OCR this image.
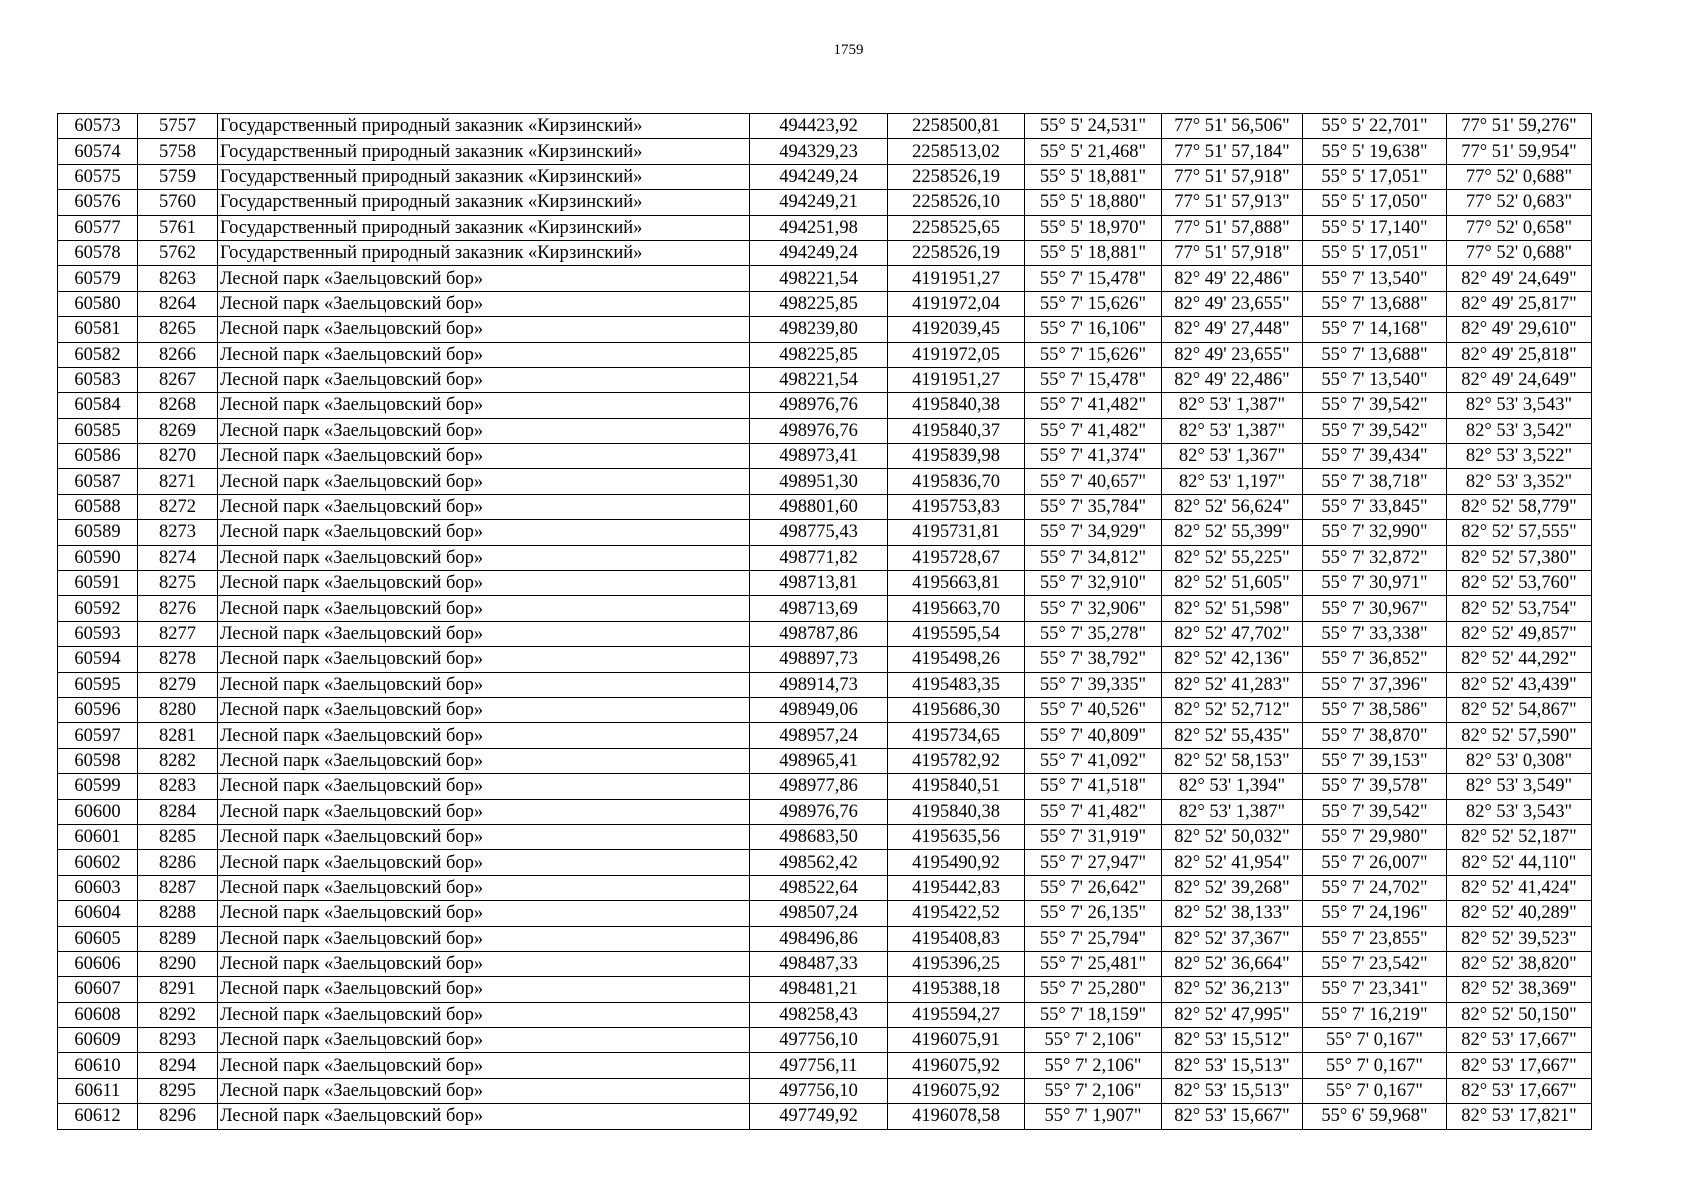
1759
60573	5757	Государственный природный заказник «Кирзинский»	494423,92	2258500,81	55° 5' 24,531"	77° 51' 56,506"	55° 5' 22,701"	77° 51' 59,276"
60574	5758	Государственный природный заказник «Кирзинский»	494329,23	2258513,02	55° 5' 21,468"	77° 51' 57,184"	55° 5' 19,638"	77° 51' 59,954"
60575	5759	Государственный природный заказник «Кирзинский»	494249,24	2258526,19	55° 5' 18,881"	77° 51' 57,918"	55° 5' 17,051"	77° 52' 0,688"
60576	5760	Государственный природный заказник «Кирзинский»	494249,21	2258526,10	55° 5' 18,880"	77° 51' 57,913"	55° 5' 17,050"	77° 52' 0,683"
60577	5761	Государственный природный заказник «Кирзинский»	494251,98	2258525,65	55° 5' 18,970"	77° 51' 57,888"	55° 5' 17,140"	77° 52' 0,658"
60578	5762	Государственный природный заказник «Кирзинский»	494249,24	2258526,19	55° 5' 18,881"	77° 51' 57,918"	55° 5' 17,051"	77° 52' 0,688"
60579	8263	Лесной парк «Заельцовский бор»	498221,54	4191951,27	55° 7' 15,478"	82° 49' 22,486"	55° 7' 13,540"	82° 49' 24,649"
60580	8264	Лесной парк «Заельцовский бор»	498225,85	4191972,04	55° 7' 15,626"	82° 49' 23,655"	55° 7' 13,688"	82° 49' 25,817"
60581	8265	Лесной парк «Заельцовский бор»	498239,80	4192039,45	55° 7' 16,106"	82° 49' 27,448"	55° 7' 14,168"	82° 49' 29,610"
60582	8266	Лесной парк «Заельцовский бор»	498225,85	4191972,05	55° 7' 15,626"	82° 49' 23,655"	55° 7' 13,688"	82° 49' 25,818"
60583	8267	Лесной парк «Заельцовский бор»	498221,54	4191951,27	55° 7' 15,478"	82° 49' 22,486"	55° 7' 13,540"	82° 49' 24,649"
60584	8268	Лесной парк «Заельцовский бор»	498976,76	4195840,38	55° 7' 41,482"	82° 53' 1,387"	55° 7' 39,542"	82° 53' 3,543"
60585	8269	Лесной парк «Заельцовский бор»	498976,76	4195840,37	55° 7' 41,482"	82° 53' 1,387"	55° 7' 39,542"	82° 53' 3,542"
60586	8270	Лесной парк «Заельцовский бор»	498973,41	4195839,98	55° 7' 41,374"	82° 53' 1,367"	55° 7' 39,434"	82° 53' 3,522"
60587	8271	Лесной парк «Заельцовский бор»	498951,30	4195836,70	55° 7' 40,657"	82° 53' 1,197"	55° 7' 38,718"	82° 53' 3,352"
60588	8272	Лесной парк «Заельцовский бор»	498801,60	4195753,83	55° 7' 35,784"	82° 52' 56,624"	55° 7' 33,845"	82° 52' 58,779"
60589	8273	Лесной парк «Заельцовский бор»	498775,43	4195731,81	55° 7' 34,929"	82° 52' 55,399"	55° 7' 32,990"	82° 52' 57,555"
60590	8274	Лесной парк «Заельцовский бор»	498771,82	4195728,67	55° 7' 34,812"	82° 52' 55,225"	55° 7' 32,872"	82° 52' 57,380"
60591	8275	Лесной парк «Заельцовский бор»	498713,81	4195663,81	55° 7' 32,910"	82° 52' 51,605"	55° 7' 30,971"	82° 52' 53,760"
60592	8276	Лесной парк «Заельцовский бор»	498713,69	4195663,70	55° 7' 32,906"	82° 52' 51,598"	55° 7' 30,967"	82° 52' 53,754"
60593	8277	Лесной парк «Заельцовский бор»	498787,86	4195595,54	55° 7' 35,278"	82° 52' 47,702"	55° 7' 33,338"	82° 52' 49,857"
60594	8278	Лесной парк «Заельцовский бор»	498897,73	4195498,26	55° 7' 38,792"	82° 52' 42,136"	55° 7' 36,852"	82° 52' 44,292"
60595	8279	Лесной парк «Заельцовский бор»	498914,73	4195483,35	55° 7' 39,335"	82° 52' 41,283"	55° 7' 37,396"	82° 52' 43,439"
60596	8280	Лесной парк «Заельцовский бор»	498949,06	4195686,30	55° 7' 40,526"	82° 52' 52,712"	55° 7' 38,586"	82° 52' 54,867"
60597	8281	Лесной парк «Заельцовский бор»	498957,24	4195734,65	55° 7' 40,809"	82° 52' 55,435"	55° 7' 38,870"	82° 52' 57,590"
60598	8282	Лесной парк «Заельцовский бор»	498965,41	4195782,92	55° 7' 41,092"	82° 52' 58,153"	55° 7' 39,153"	82° 53' 0,308"
60599	8283	Лесной парк «Заельцовский бор»	498977,86	4195840,51	55° 7' 41,518"	82° 53' 1,394"	55° 7' 39,578"	82° 53' 3,549"
60600	8284	Лесной парк «Заельцовский бор»	498976,76	4195840,38	55° 7' 41,482"	82° 53' 1,387"	55° 7' 39,542"	82° 53' 3,543"
60601	8285	Лесной парк «Заельцовский бор»	498683,50	4195635,56	55° 7' 31,919"	82° 52' 50,032"	55° 7' 29,980"	82° 52' 52,187"
60602	8286	Лесной парк «Заельцовский бор»	498562,42	4195490,92	55° 7' 27,947"	82° 52' 41,954"	55° 7' 26,007"	82° 52' 44,110"
60603	8287	Лесной парк «Заельцовский бор»	498522,64	4195442,83	55° 7' 26,642"	82° 52' 39,268"	55° 7' 24,702"	82° 52' 41,424"
60604	8288	Лесной парк «Заельцовский бор»	498507,24	4195422,52	55° 7' 26,135"	82° 52' 38,133"	55° 7' 24,196"	82° 52' 40,289"
60605	8289	Лесной парк «Заельцовский бор»	498496,86	4195408,83	55° 7' 25,794"	82° 52' 37,367"	55° 7' 23,855"	82° 52' 39,523"
60606	8290	Лесной парк «Заельцовский бор»	498487,33	4195396,25	55° 7' 25,481"	82° 52' 36,664"	55° 7' 23,542"	82° 52' 38,820"
60607	8291	Лесной парк «Заельцовский бор»	498481,21	4195388,18	55° 7' 25,280"	82° 52' 36,213"	55° 7' 23,341"	82° 52' 38,369"
60608	8292	Лесной парк «Заельцовский бор»	498258,43	4195594,27	55° 7' 18,159"	82° 52' 47,995"	55° 7' 16,219"	82° 52' 50,150"
60609	8293	Лесной парк «Заельцовский бор»	497756,10	4196075,91	55° 7' 2,106"	82° 53' 15,512"	55° 7' 0,167"	82° 53' 17,667"
60610	8294	Лесной парк «Заельцовский бор»	497756,11	4196075,92	55° 7' 2,106"	82° 53' 15,513"	55° 7' 0,167"	82° 53' 17,667"
60611	8295	Лесной парк «Заельцовский бор»	497756,10	4196075,92	55° 7' 2,106"	82° 53' 15,513"	55° 7' 0,167"	82° 53' 17,667"
60612	8296	Лесной парк «Заельцовский бор»	497749,92	4196078,58	55° 7' 1,907"	82° 53' 15,667"	55° 6' 59,968"	82° 53' 17,821"
